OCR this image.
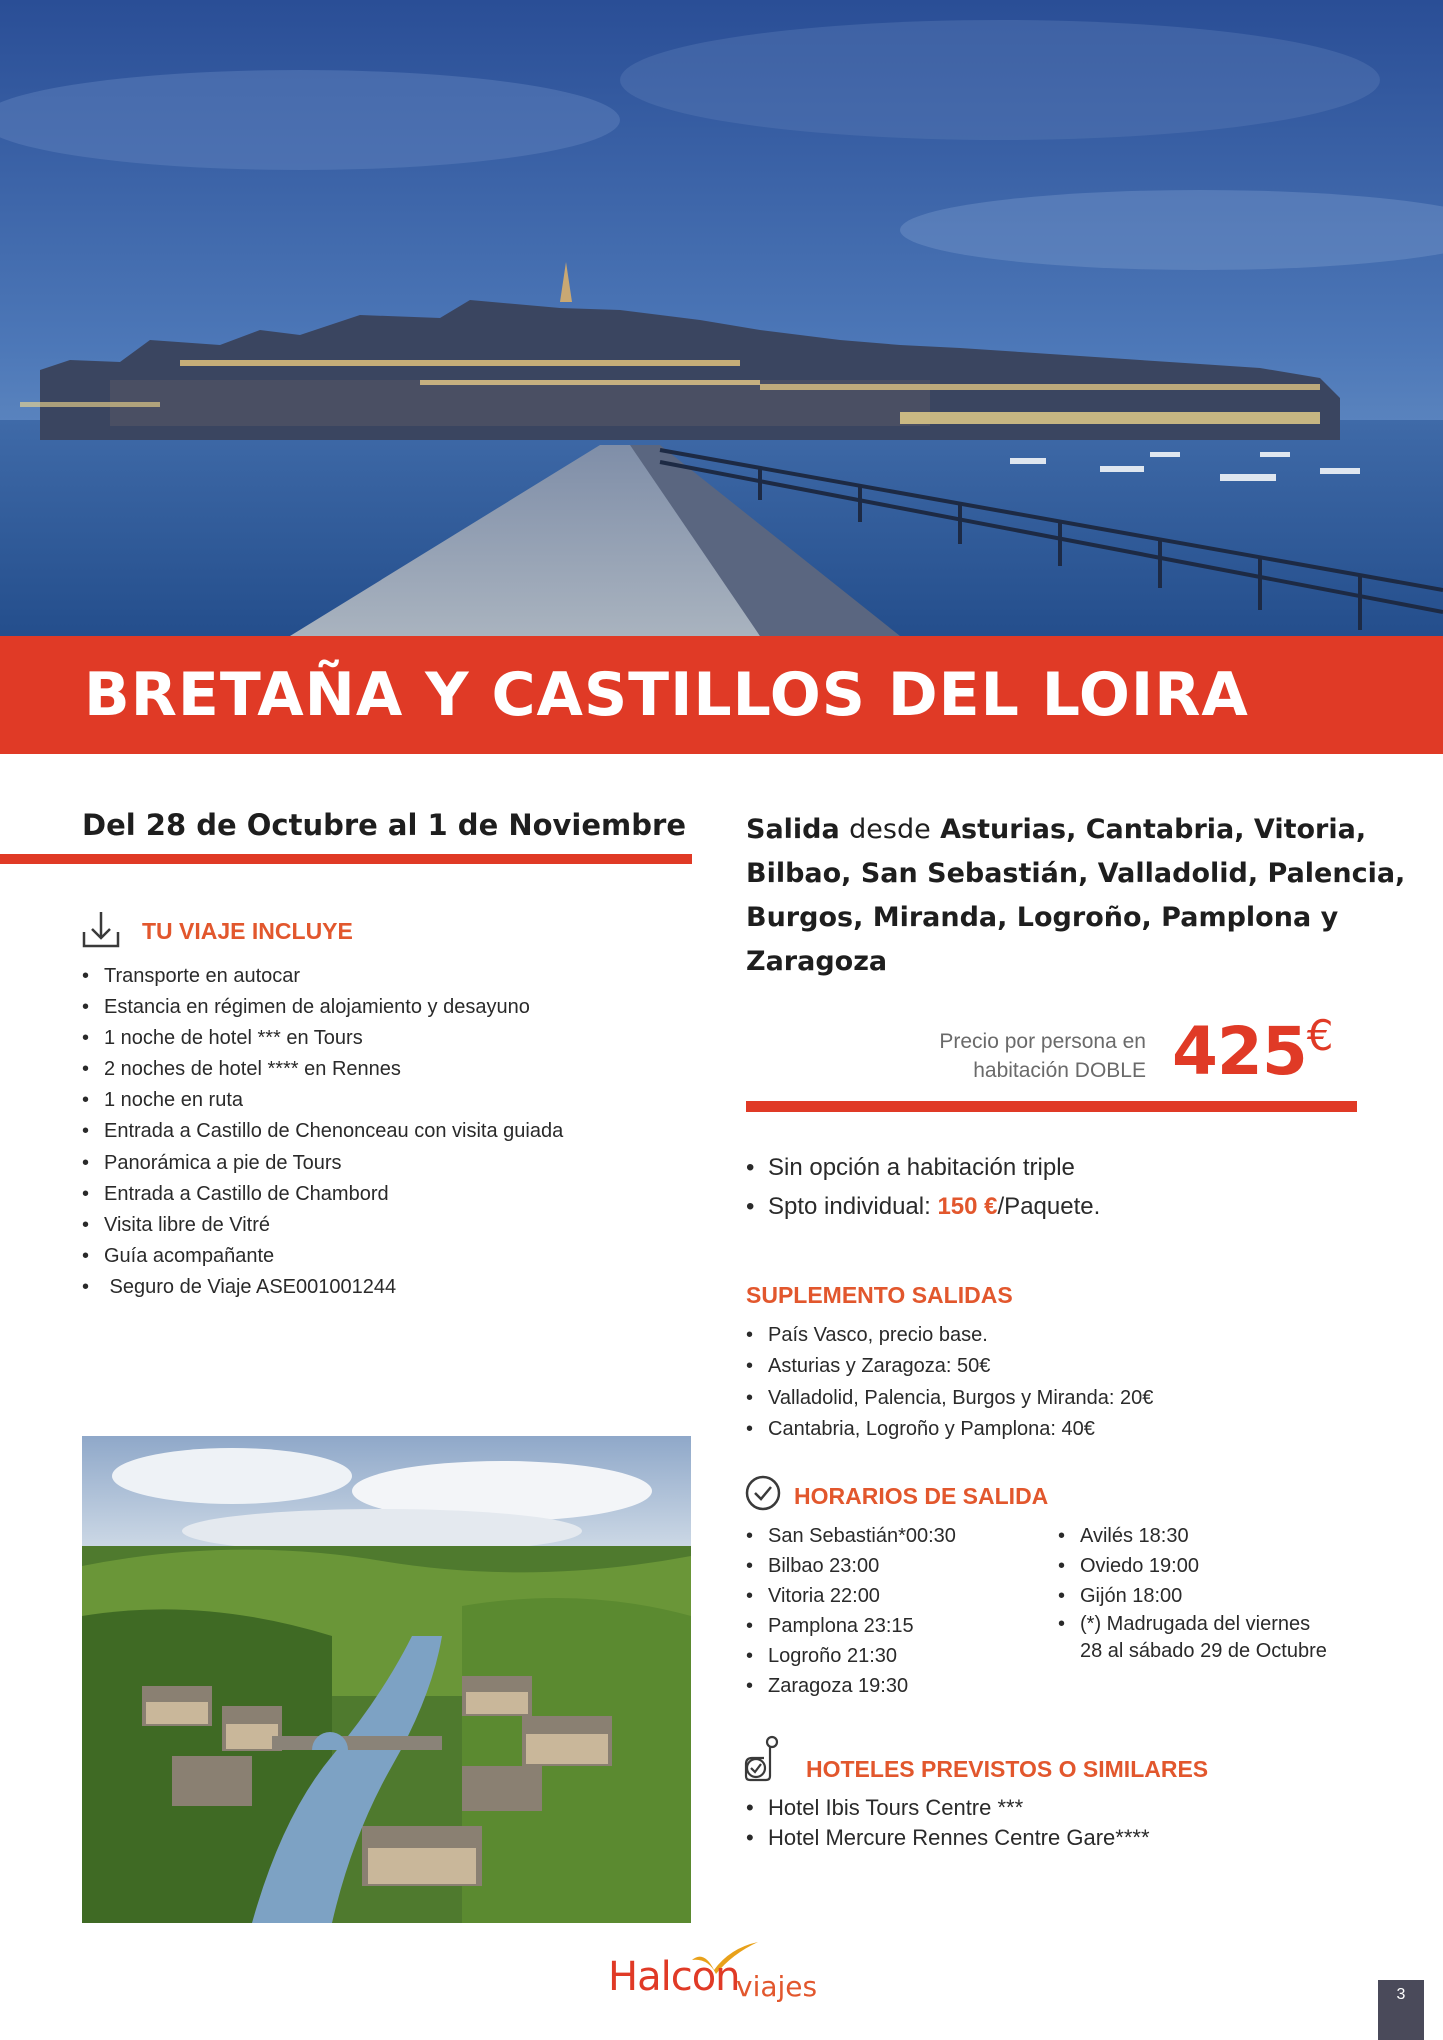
BRETAÑA Y CASTILLOS DEL LOIRA
Del 28 de Octubre al 1 de Noviembre
TU VIAJE INCLUYE
• Transporte en autocar
• Estancia en régimen de alojamiento y desayuno
• 1 noche de hotel *** en Tours
• 2 noches de hotel **** en Rennes
• 1 noche en ruta
• Entrada a Castillo de Chenonceau con visita guiada
• Panorámica a pie de Tours
• Entrada a Castillo de Chambord
• Visita libre de Vitré
• Guía acompañante
•  Seguro de Viaje ASE001001244
Salida desde Asturias, Cantabria, Vitoria, Bilbao, San Sebastián, Valladolid, Palencia, Burgos, Miranda, Logroño, Pamplona y Zaragoza
Precio por persona en
habitación DOBLE 425€
• Sin opción a habitación triple
• Spto individual: 150 €/Paquete.
SUPLEMENTO SALIDAS
• País Vasco, precio base.
• Asturias y Zaragoza: 50€
• Valladolid, Palencia, Burgos y Miranda: 20€
• Cantabria, Logroño y Pamplona: 40€
HORARIOS DE SALIDA
• San Sebastián*00:30
• Bilbao 23:00
• Vitoria 22:00
• Pamplona 23:15
• Logroño 21:30
• Zaragoza 19:30
• Avilés 18:30
• Oviedo 19:00
• Gijón 18:00
• (*) Madrugada del viernes 28 al sábado 29 de Octubre
HOTELES PREVISTOS O SIMILARES
• Hotel Ibis Tours Centre ***
• Hotel Mercure Rennes Centre Gare****
Halcon
viajes	3
